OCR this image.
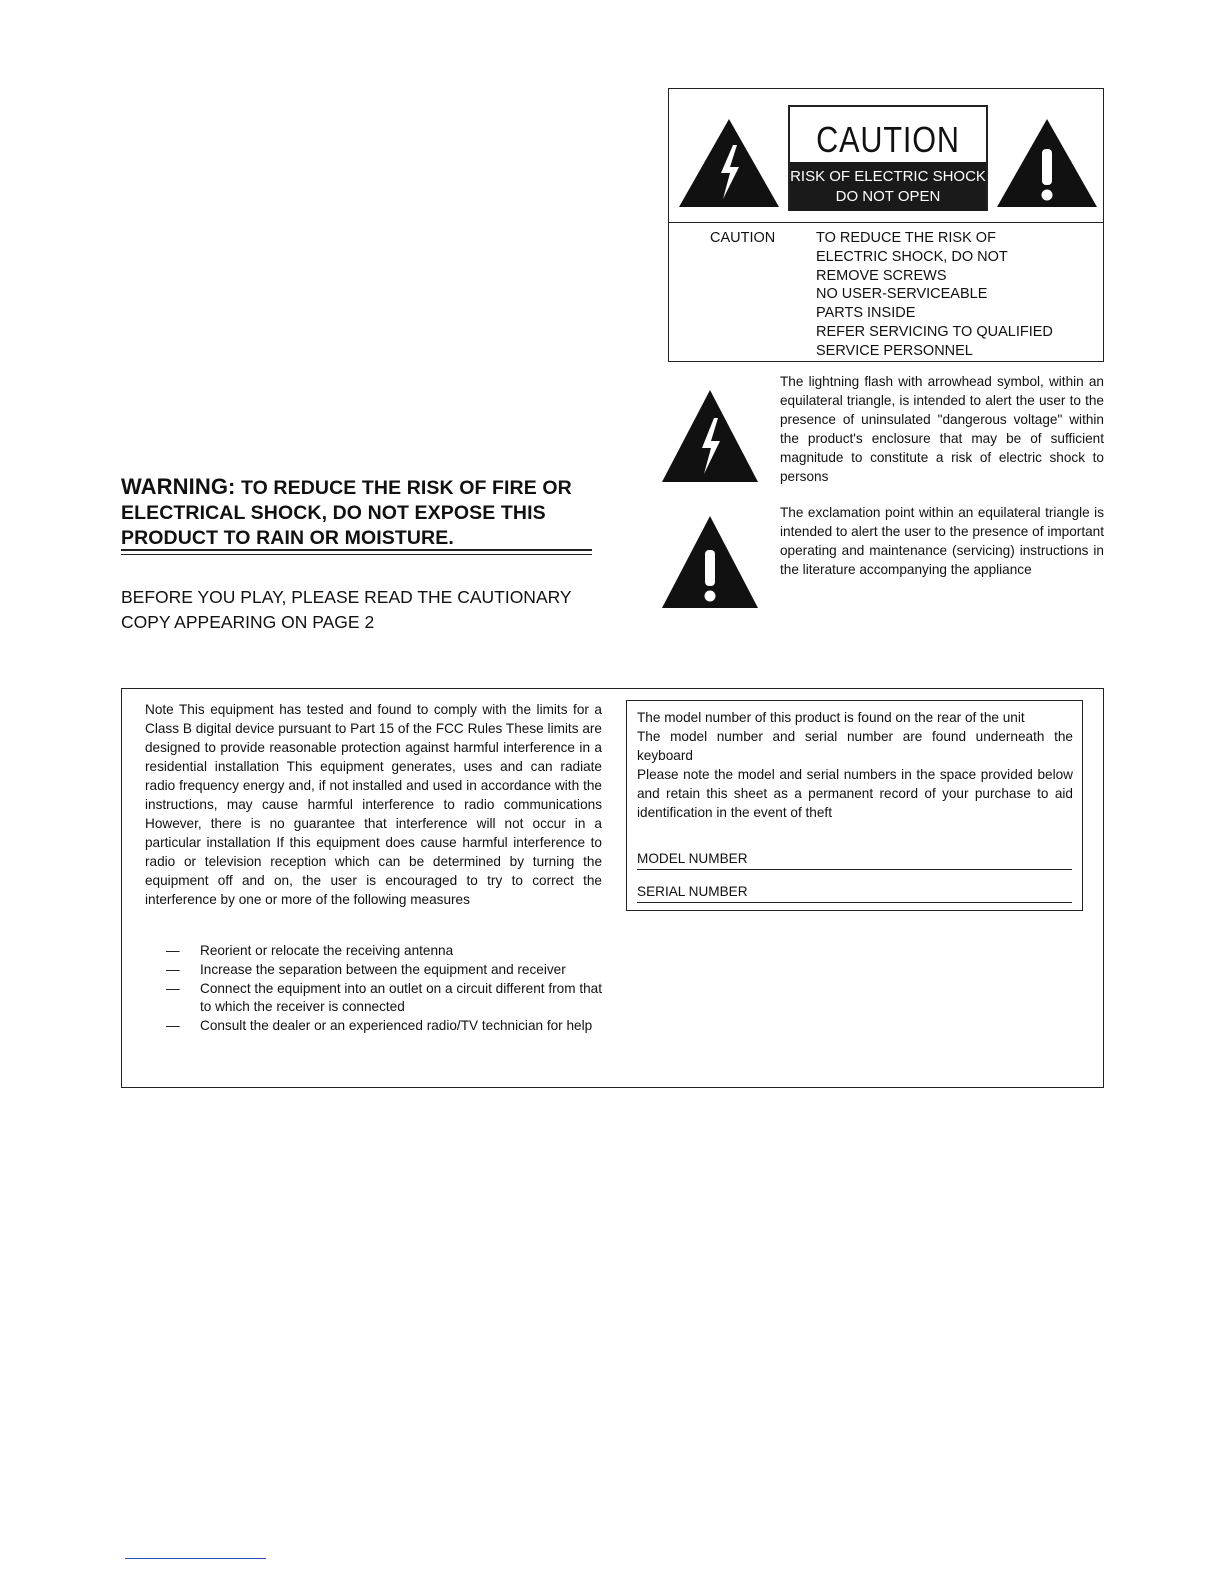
CAUTION
RISK OF ELECTRIC SHOCK
DO NOT OPEN
CAUTION	TO REDUCE THE RISK OF
ELECTRIC SHOCK, DO NOT
REMOVE SCREWS
NO USER-SERVICEABLE
PARTS INSIDE
REFER SERVICING TO QUALIFIED
SERVICE PERSONNEL
The lightning flash with arrowhead symbol, within an equilateral triangle, is intended to alert the user to the presence of uninsulated "dangerous voltage" within the product's enclosure that may be of sufficient magnitude to constitute a risk of electric shock to persons
The exclamation point within an equilateral triangle is intended to alert the user to the presence of important operating and maintenance (servicing) instructions in the literature accompanying the appliance
WARNING: TO REDUCE THE RISK OF FIRE OR ELECTRICAL SHOCK, DO NOT EXPOSE THIS PRODUCT TO RAIN OR MOISTURE.
BEFORE YOU PLAY, PLEASE READ THE CAUTIONARY COPY APPEARING ON PAGE 2
Note This equipment has tested and found to comply with the limits for a Class B digital device pursuant to Part 15 of the FCC Rules These limits are designed to provide reasonable protection against harmful interference in a residential installation This equipment generates, uses and can radiate radio frequency energy and, if not installed and used in accordance with the instructions, may cause harmful interference to radio communications However, there is no guarantee that interference will not occur in a particular installation If this equipment does cause harmful interference to radio or television reception which can be determined by turning the equipment off and on, the user is encouraged to try to correct the interference by one or more of the following measures
— Reorient or relocate the receiving antenna
— Increase the separation between the equipment and receiver
— Connect the equipment into an outlet on a circuit different from that to which the receiver is connected
— Consult the dealer or an experienced radio/TV technician for help

The model number of this product is found on the rear of the unit

The model number and serial number are found underneath the keyboard

Please note the model and serial numbers in the space provided below and retain this sheet as a permanent record of your purchase to aid identification in the event of theft

MODEL NUMBER
SERIAL NUMBER
